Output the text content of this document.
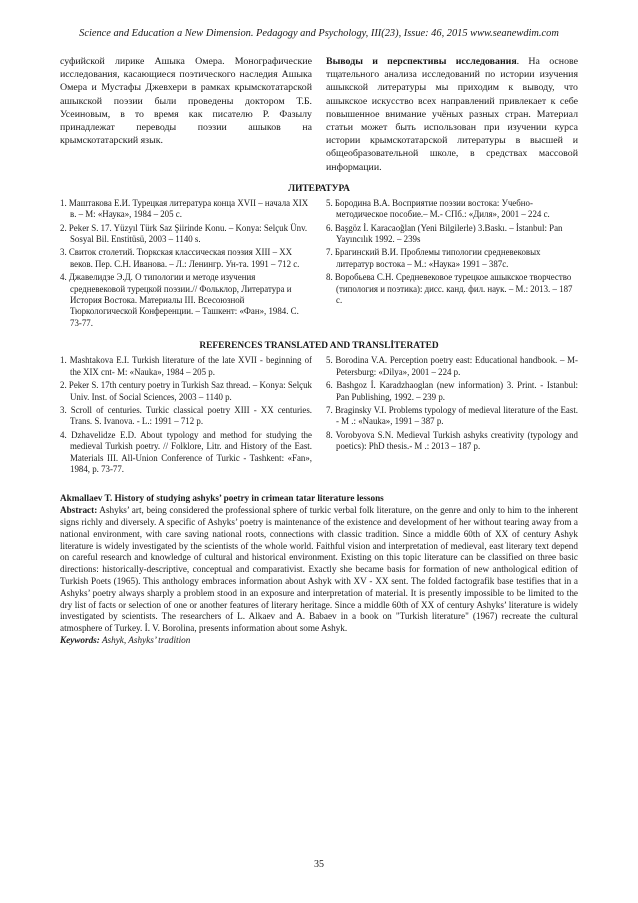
Science and Education a New Dimension. Pedagogy and Psychology, III(23), Issue: 46, 2015 www.seanewdim.com

суфийской лирике Ашыка Омера. Монографические исследования, касающиеся поэтического наследия Ашыка Омера и Мустафы Джевхери в рамках крымскотатарской ашыкской поэзии были проведены доктором Т.Б. Усеиновым, в то время как писателю Р. Фазылу принадлежат переводы поэзии ашыков на крымскотатарский язык.

Выводы и перспективы исследования. На основе тщательного анализа исследований по истории изучения ашыкской литературы мы приходим к выводу, что ашыкское искусство всех направлений привлекает к себе повышенное внимание учёных разных стран. Материал статьи может быть использован при изучении курса истории крымскотатарской литературы в высшей и общеобразовательной школе, в средствах массовой информации.

ЛИТЕРАТУРА

1. Маштакова Е.И. Турецкая литература конца XVII – начала XIX в. – М: «Наука», 1984 – 205 с.

2. Peker S. 17. Yüzyıl Türk Saz Şiirinde Konu. – Konya: Selçuk Ünv. Sosyal Bil. Enstitüsü, 2003 – 1140 s.

3. Свиток столетий. Тюркская классическая поэзия XIII – XX веков. Пер. С.Н. Иванова. – Л.: Ленингр. Ун-та. 1991 – 712 с.

4. Джавелидзе Э.Д. О типологии и методе изучения средневековой турецкой поэзии.// Фольклор, Литература и История Востока. Материалы III. Всесоюзной Тюркологической Конференции. – Ташкент: «Фан», 1984. С. 73-77.

5. Бородина В.А. Восприятие поэзии востока: Учебно-методическое пособие.– М.- СПб.: «Диля», 2001 – 224 с.

6. Başgöz İ. Karacaoğlan (Yeni Bilgilerle) 3.Baskı. – İstanbul: Pan Yayıncılık 1992. – 239s

7. Брагинский В.И. Проблемы типологии средневековых литератур востока – М.: «Наука» 1991 – 387с.

8. Воробьева С.Н. Средневековое турецкое ашыкское творчество (типология и поэтика): дисс. канд. фил. наук. – М.: 2013. – 187 с.

REFERENCES TRANSLATED AND TRANSLİTERATED

1. Mashtakova E.I. Turkish literature of the late XVII - beginning of the XIX cnt- M: «Nauka», 1984 – 205 p.

2. Peker S. 17th century poetry in Turkish Saz thread. – Konya: Selçuk Univ. Inst. of Social Sciences, 2003 – 1140 p.

3. Scroll of centuries. Turkic classical poetry XIII - XX centuries. Trans. S. Ivanova. - L.: 1991 – 712 p.

4. Dzhavelidze E.D. About typology and method for studying the medieval Turkish poetry. // Folklore, Litr. and History of the East. Materials III. All-Union Conference of Turkic - Tashkent: «Fan», 1984, p. 73-77.

5. Borodina V.A. Perception poetry east: Educational handbook. – M-Petersburg: «Dilya», 2001 – 224 p.

6. Bashgoz İ. Karadzhaoglan (new information) 3. Print. - Istanbul: Pan Publishing, 1992. – 239 p.

7. Braginsky V.I. Problems typology of medieval literature of the East. - M .: «Nauka», 1991 – 387 p.

8. Vorobyova S.N. Medieval Turkish ashyks creativity (typology and poetics): PhD thesis.- M .: 2013 – 187 p.

Akmallaev T. History of studying ashyks’ poetry in crimean tatar literature lessons

Abstract: Ashyks’ art, being considered the professional sphere of turkic verbal folk literature, on the genre and only to him to the inherent signs richly and diversely. A specific of Ashyks’ poetry is maintenance of the existence and development of her without tearing away from a national environment, with care saving national roots, connections with classic tradition. Since a middle 60th of XX of century Ashyk literature is widely investigated by the scientists of the whole world. Faithful vision and interpretation of medieval, east literary text depend on careful research and knowledge of cultural and historical environment. Existing on this topic literature can be classified on three basic directions: historically-descriptive, conceptual and comparativist. Exactly she became basis for formation of new anthological edition of Turkish Poets (1965). This anthology embraces information about Ashyk with XV - XX sent. The folded factografik base testifies that in a Ashyks’ poetry always sharply a problem stood in an exposure and interpretation of material. It is presently impossible to be limited to the dry list of facts or selection of one or another features of literary heritage. Since a middle 60th of XX of century Ashyks’ literature is widely investigated by scientists. The researchers of L. Alkaev and A. Babaev in a book on "Turkish literature" (1967) recreate the cultural atmosphere of Turkey. İ. V. Borolina, presents information about some Ashyk.

Keywords: Ashyk, Ashyks’ tradition

35
